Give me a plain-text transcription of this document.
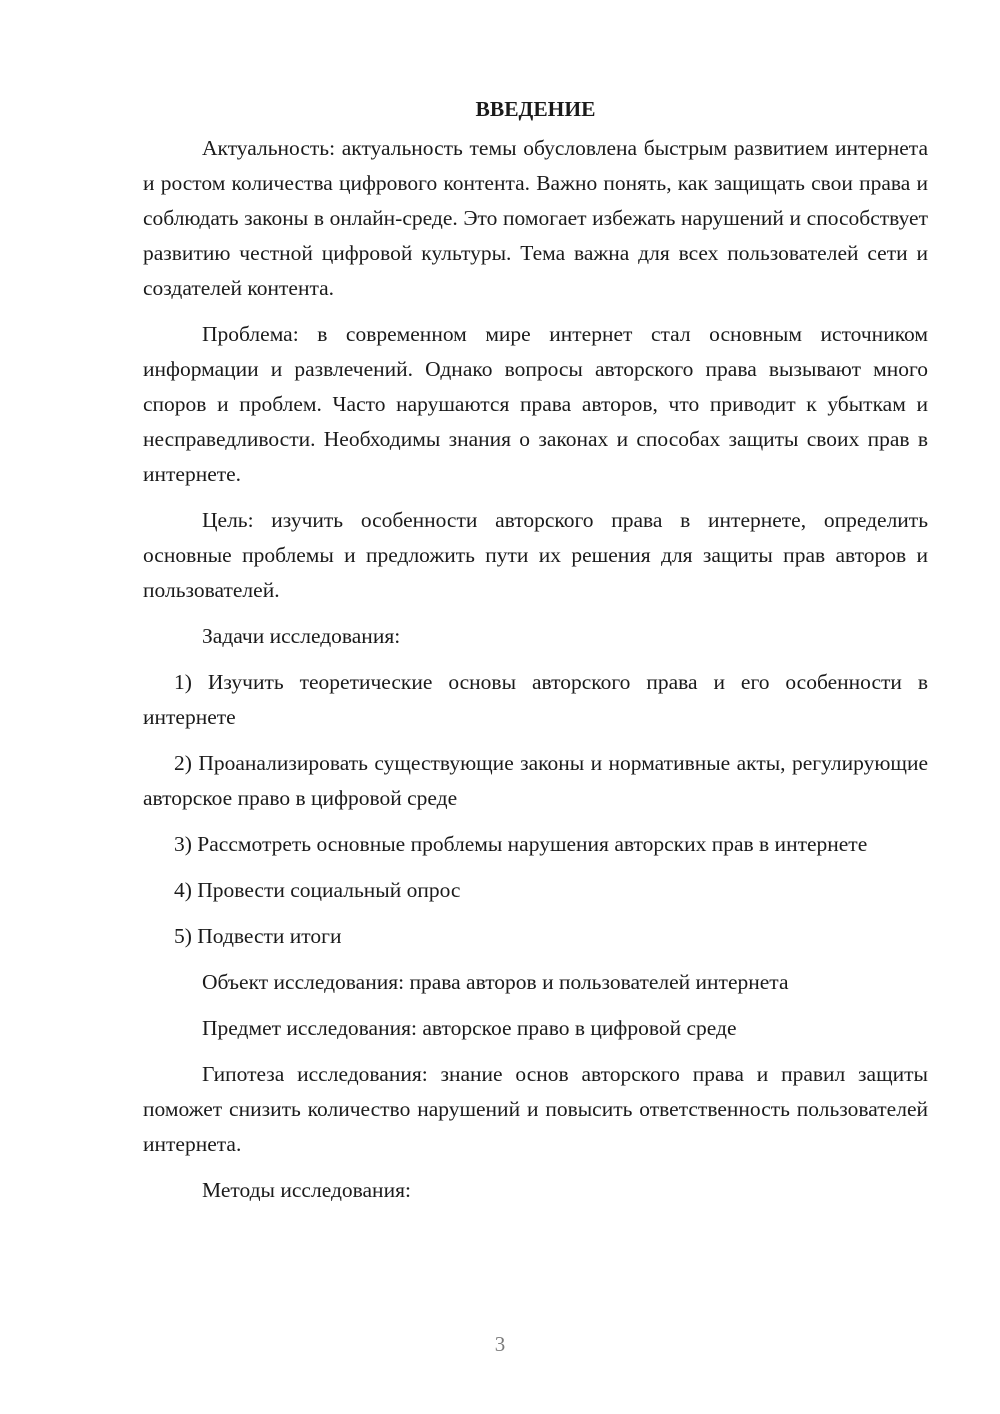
ВВЕДЕНИЕ

Актуальность: актуальность темы обусловлена быстрым развитием интернета и ростом количества цифрового контента. Важно понять, как защищать свои права и соблюдать законы в онлайн-среде. Это помогает избежать нарушений и способствует развитию честной цифровой культуры. Тема важна для всех пользователей сети и создателей контента.

Проблема: в современном мире интернет стал основным источником информации и развлечений. Однако вопросы авторского права вызывают много споров и проблем. Часто нарушаются права авторов, что приводит к убыткам и несправедливости. Необходимы знания о законах и способах защиты своих прав в интернете.

Цель: изучить особенности авторского права в интернете, определить основные проблемы и предложить пути их решения для защиты прав авторов и пользователей.

Задачи исследования:

1) Изучить теоретические основы авторского права и его особенности в интернете

2) Проанализировать существующие законы и нормативные акты, регулирующие авторское право в цифровой среде

3) Рассмотреть основные проблемы нарушения авторских прав в интернете

4) Провести социальный опрос

5) Подвести итоги

Объект исследования: права авторов и пользователей интернета

Предмет исследования: авторское право в цифровой среде

Гипотеза исследования: знание основ авторского права и правил защиты поможет снизить количество нарушений и повысить ответственность пользователей интернета.

Методы исследования:

3
